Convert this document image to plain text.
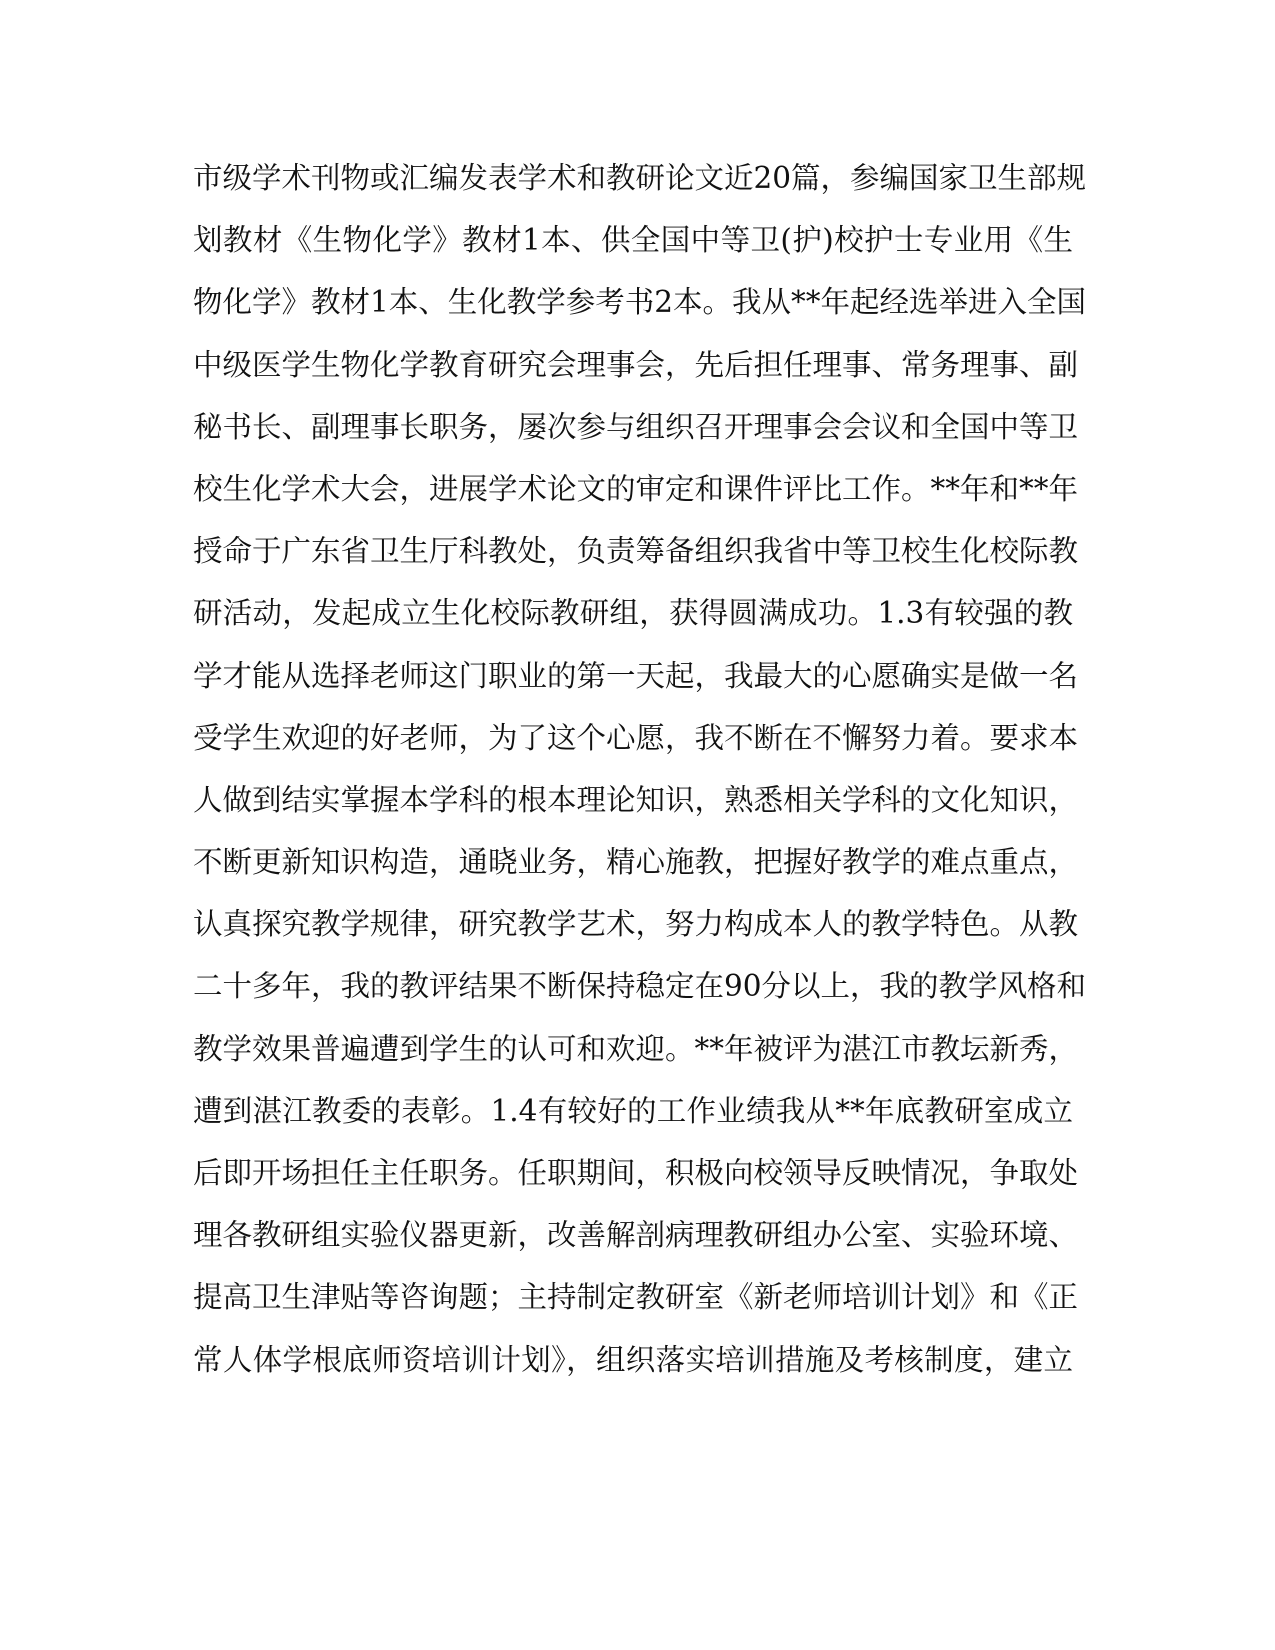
市级学术刊物或汇编发表学术和教研论文近20篇，参编国家卫生部规
划教材《生物化学》教材1本、供全国中等卫(护)校护士专业用《生
物化学》教材1本、生化教学参考书2本。我从**年起经选举进入全国
中级医学生物化学教育研究会理事会，先后担任理事、常务理事、副
秘书长、副理事长职务，屡次参与组织召开理事会会议和全国中等卫
校生化学术大会，进展学术论文的审定和课件评比工作。**年和**年
授命于广东省卫生厅科教处，负责筹备组织我省中等卫校生化校际教
研活动，发起成立生化校际教研组，获得圆满成功。1.3有较强的教
学才能从选择老师这门职业的第一天起，我最大的心愿确实是做一名
受学生欢迎的好老师，为了这个心愿，我不断在不懈努力着。要求本
人做到结实掌握本学科的根本理论知识，熟悉相关学科的文化知识，
不断更新知识构造，通晓业务，精心施教，把握好教学的难点重点，
认真探究教学规律，研究教学艺术，努力构成本人的教学特色。从教
二十多年，我的教评结果不断保持稳定在90分以上，我的教学风格和
教学效果普遍遭到学生的认可和欢迎。**年被评为湛江市教坛新秀，
遭到湛江教委的表彰。1.4有较好的工作业绩我从**年底教研室成立
后即开场担任主任职务。任职期间，积极向校领导反映情况，争取处
理各教研组实验仪器更新，改善解剖病理教研组办公室、实验环境、
提高卫生津贴等咨询题；主持制定教研室《新老师培训计划》和《正
常人体学根底师资培训计划》，组织落实培训措施及考核制度，建立
